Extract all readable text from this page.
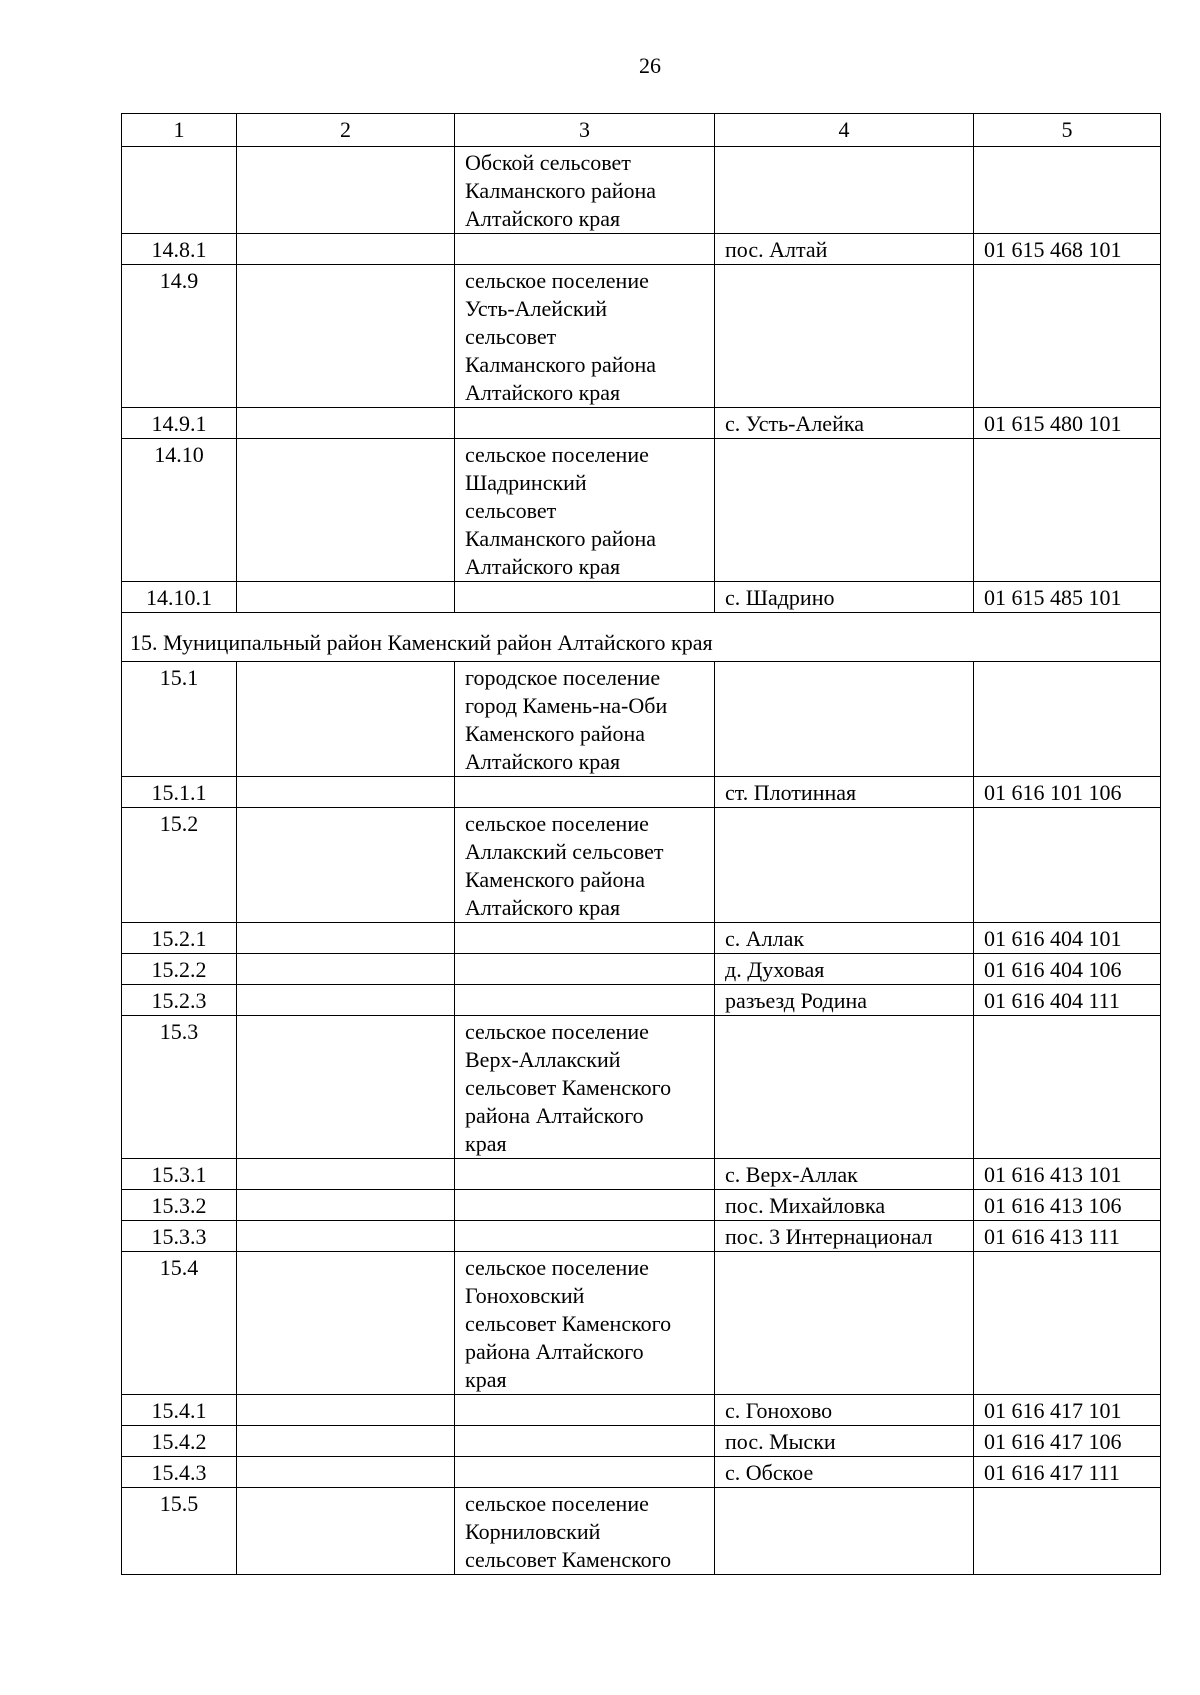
26
1	2	3	4	5

		Обской сельсовет
Калманского района
Алтайского края		

14.8.1			пос. Алтай	01 615 468 101
14.9		сельское поселение
Усть-Алейский
сельсовет
Калманского района
Алтайского края		

14.9.1			с. Усть-Алейка	01 615 480 101
14.10		сельское поселение
Шадринский
сельсовет
Калманского района
Алтайского края		

14.10.1			с. Шадрино	01 615 485 101
15. Муниципальный район Каменский район Алтайского края				
15.1		городское поселение
город Камень-на-Оби
Каменского района
Алтайского края		

15.1.1			ст. Плотинная	01 616 101 106
15.2		сельское поселение
Аллакский сельсовет
Каменского района
Алтайского края		

15.2.1			с. Аллак	01 616 404 101
15.2.2			д. Духовая	01 616 404 106
15.2.3			разъезд Родина	01 616 404 111
15.3		сельское поселение
Верх-Аллакский
сельсовет Каменского
района Алтайского
края		

15.3.1			с. Верх-Аллак	01 616 413 101
15.3.2			пос. Михайловка	01 616 413 106
15.3.3			пос. 3 Интернационал	01 616 413 111
15.4		сельское поселение
Гоноховский
сельсовет Каменского
района Алтайского
края		

15.4.1			с. Гонохово	01 616 417 101
15.4.2			пос. Мыски	01 616 417 106
15.4.3			с. Обское	01 616 417 111
15.5		сельское поселение
Корниловский
сельсовет Каменского		
